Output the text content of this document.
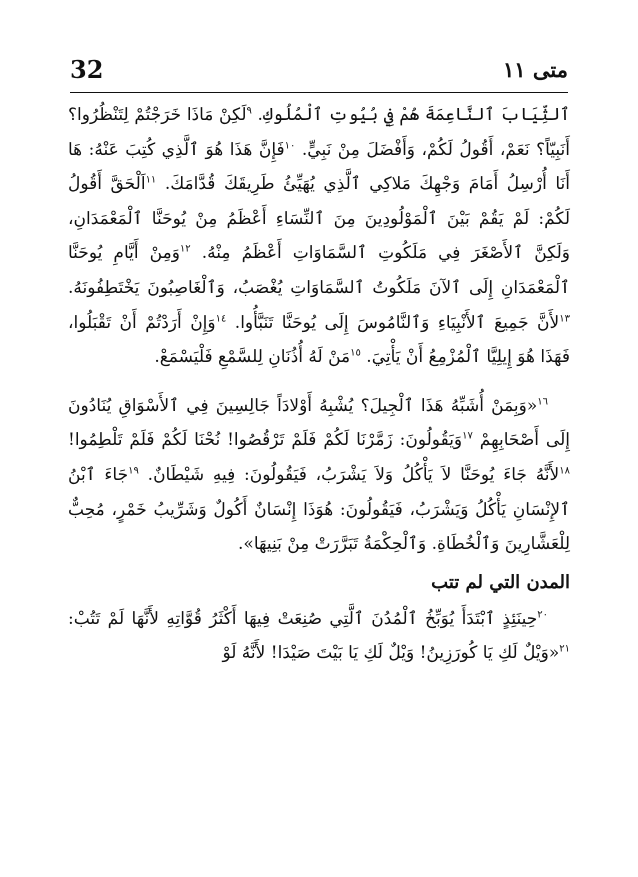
32	متى ١١

ٱلثِّيَابَ ٱلنَّاعِمَةَ هُمْ فِي بُيُوتِ ٱلْمُلُوكِ. $^٩$لَكِنْ مَاذَا خَرَجْتُمْ لِتَنْظُرُوا؟ أَنَبِيّاً؟ نَعَمْ، أَقُولُ لَكُمْ، وَأَفْضَلَ مِنْ نَبِيٍّ. $^{١٠}$فَإِنَّ هَذَا هُوَ ٱلَّذِي كُتِبَ عَنْهُ: هَا أَنَا أُرْسِلُ أَمَامَ وَجْهِكَ مَلاكِي ٱلَّذِي يُهَيِّئُ طَرِيقَكَ قُدَّامَكَ. $^{١١}$اَلْحَقَّ أَقُولُ لَكُمْ: لَمْ يَقُمْ بَيْنَ ٱلْمَوْلُودِينَ مِنَ ٱلنِّسَاءِ أَعْظَمُ مِنْ يُوحَنَّا ٱلْمَعْمَدَانِ، وَلَكِنَّ ٱلأَصْغَرَ فِي مَلَكُوتِ ٱلسَّمَاوَاتِ أَعْظَمُ مِنْهُ. $^{١٢}$وَمِنْ أَيَّامِ يُوحَنَّا ٱلْمَعْمَدَانِ إِلَى ٱلآنَ مَلَكُوتُ ٱلسَّمَاوَاتِ يُغْصَبُ، وَٱلْغَاصِبُونَ يَخْتَطِفُونَهُ. $^{١٣}$لأَنَّ جَمِيعَ ٱلأَنْبِيَاءِ وَٱلنَّامُوسَ إِلَى يُوحَنَّا تَنَبَّأُوا. $^{١٤}$وَإِنْ أَرَدْتُمْ أَنْ تَقْبَلُوا، فَهَذَا هُوَ إِيلِيَّا ٱلْمُزْمِعُ أَنْ يَأْتِيَ. $^{١٥}$مَنْ لَهُ أُذُنَانِ لِلسَّمْعِ فَلْيَسْمَعْ.

$^{١٦}$«وَبِمَنْ أُشَبِّهُ هَذَا ٱلْجِيلَ؟ يُشْبِهُ أَوْلادَاً جَالِسِينَ فِي ٱلأَسْوَاقِ يُنَادُونَ إِلَى أَصْحَابِهِمْ $^{١٧}$وَيَقُولُونَ: زَمَّرْنَا لَكُمْ فَلَمْ تَرْقُصُوا! نُحْنَا لَكُمْ فَلَمْ تَلْطِمُوا! $^{١٨}$لأَنَّهُ جَاءَ يُوحَنَّا لاَ يَأْكُلُ وَلاَ يَشْرَبُ، فَيَقُولُونَ: فِيهِ شَيْطَانٌ. $^{١٩}$جَاءَ ٱبْنُ ٱلإِنْسَانِ يَأْكُلُ وَيَشْرَبُ، فَيَقُولُونَ: هُوَذَا إِنْسَانٌ أَكُولٌ وَشَرِّيبُ خَمْرٍ، مُحِبٌّ لِلْعَشَّارِينَ وَٱلْخُطَاةِ. وَٱلْحِكْمَةُ تَبَرَّرَتْ مِنْ بَنِيهَا».

المدن التي لم تتب

$^{٢٠}$حِينَئِذٍ ٱبْتَدَأَ يُوَبِّخُ ٱلْمُدُنَ ٱلَّتِي صُنِعَتْ فِيهَا أَكْثَرُ قُوَّاتِهِ لأَنَّهَا لَمْ تَتُبْ: $^{٢١}$«وَيْلٌ لَكِ يَا كُورَزِينُ! وَيْلٌ لَكِ يَا بَيْتَ صَيْدَا! لأَنَّهُ لَوْ
